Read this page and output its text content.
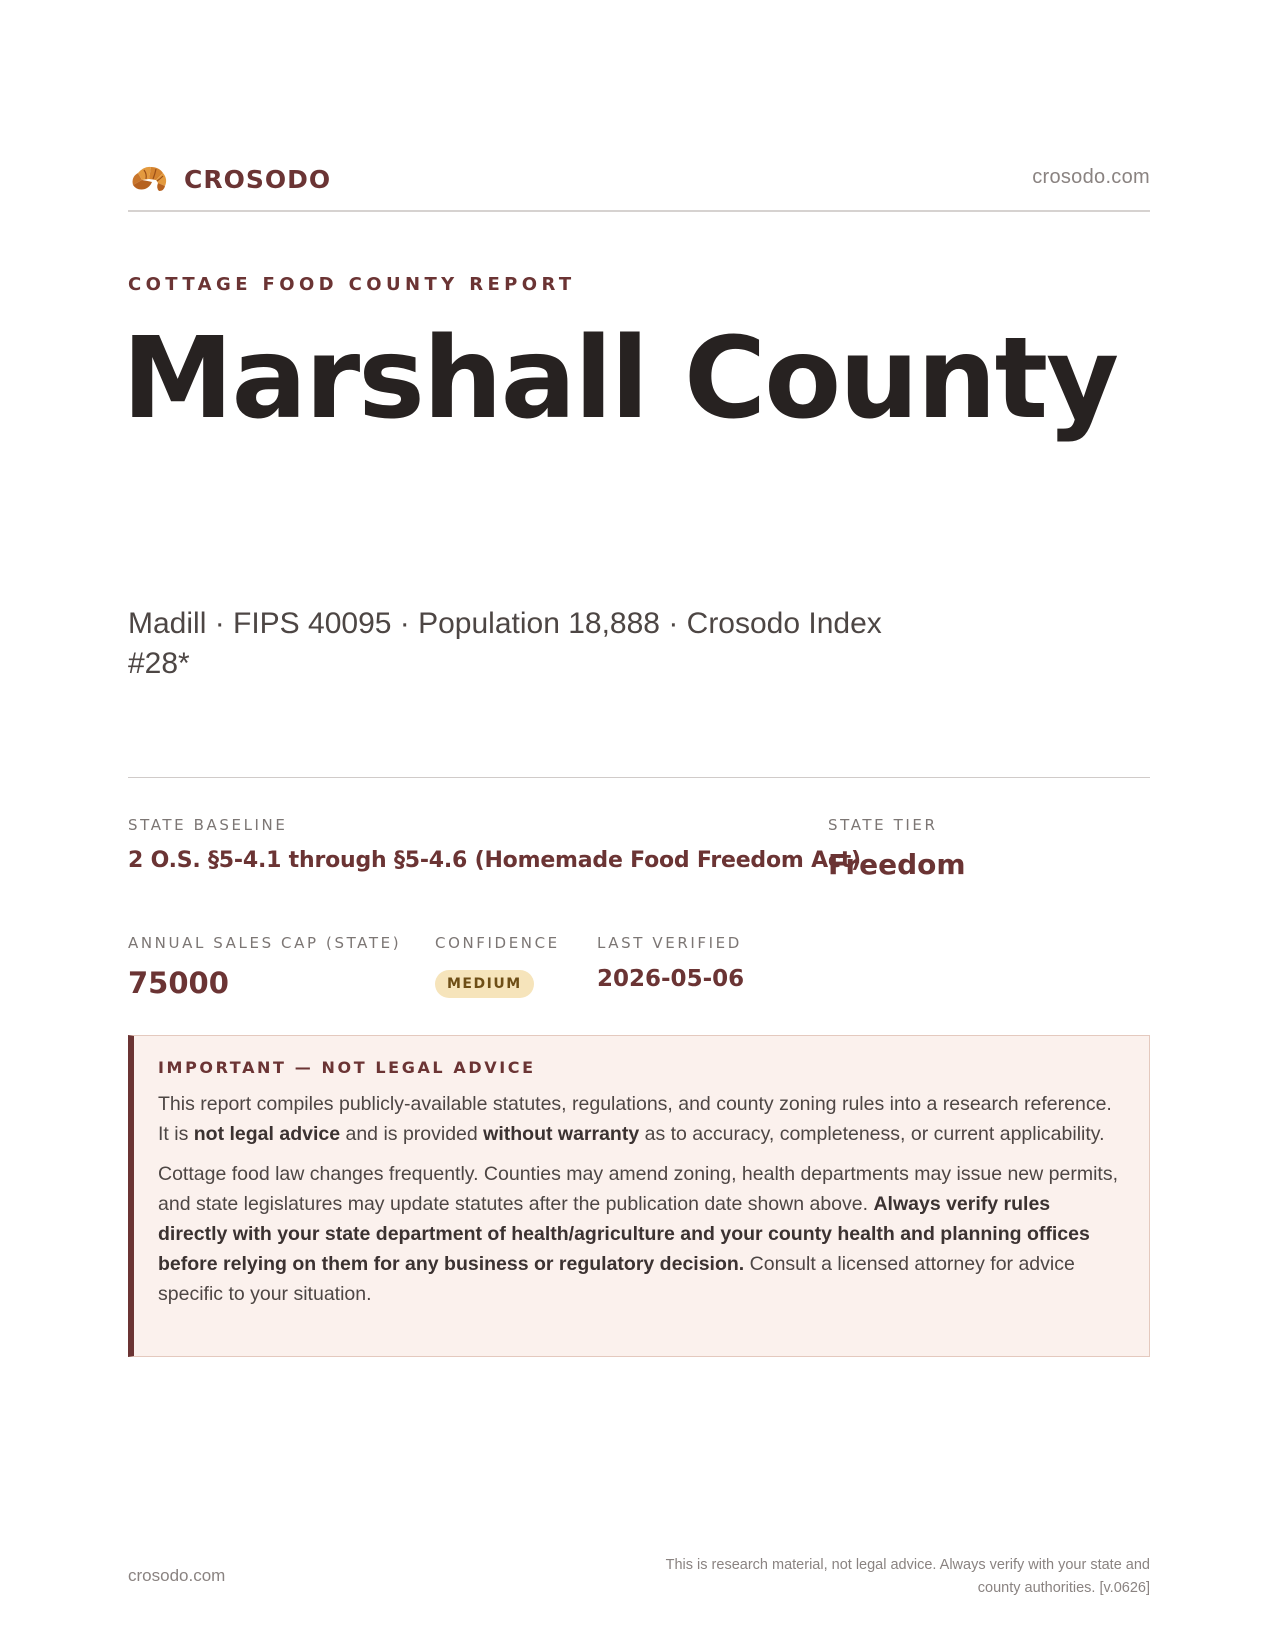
CROSODO	crosodo.com
COTTAGE FOOD COUNTY REPORT
Marshall County
Madill · FIPS 40095 · Population 18,888 · Crosodo Index #28*
STATE BASELINE
2 O.S. §5-4.1 through §5-4.6 (Homemade Food Freedom Act)
STATE TIER
Freedom
ANNUAL SALES CAP (STATE)
75000
CONFIDENCE
MEDIUM
LAST VERIFIED
2026-05-06
IMPORTANT — NOT LEGAL ADVICE

This report compiles publicly-available statutes, regulations, and county zoning rules into a research reference. It is not legal advice and is provided without warranty as to accuracy, completeness, or current applicability.

Cottage food law changes frequently. Counties may amend zoning, health departments may issue new permits, and state legislatures may update statutes after the publication date shown above. Always verify rules directly with your state department of health/agriculture and your county health and planning offices before relying on them for any business or regulatory decision. Consult a licensed attorney for advice specific to your situation.

crosodo.com
This is research material, not legal advice. Always verify with your state and county authorities. [v.0626]
